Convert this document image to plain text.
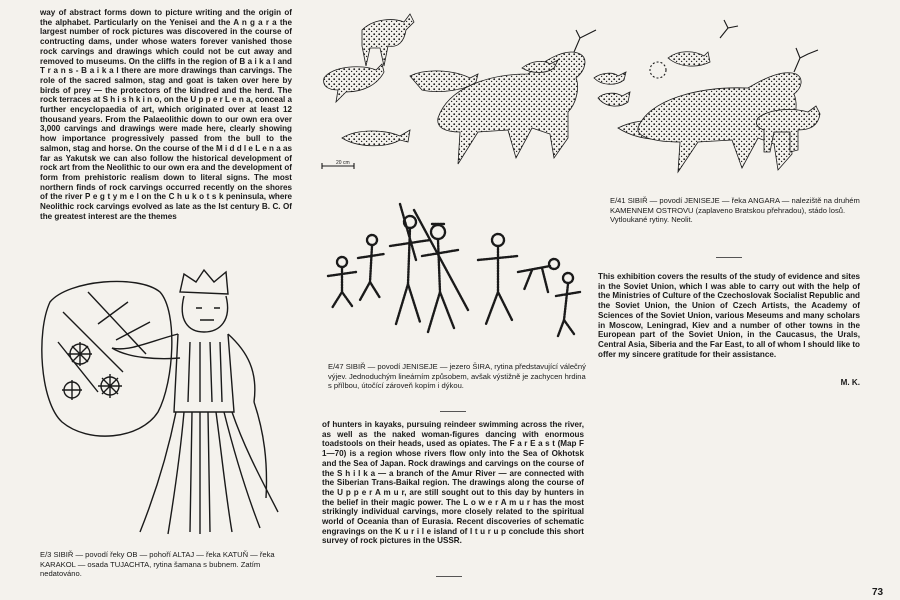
way of abstract forms down to picture writing and the origin of the alphabet. Particularly on the Yenisei and the A n g a r a the largest number of rock pictures was discovered in the course of contructing dams, under whose waters forever vanished those rock carvings and drawings which could not be cut away and removed to museums. On the cliffs in the region of B a i k a l and T r a n s - B a i k a l there are more drawings than carvings. The role of the sacred salmon, stag and goat is taken over here by birds of prey — the protectors of the kindred and the herd. The rock terraces at S h i s h k i n o, on the U p p e r L e n a, conceal a further encyclopaedia of art, which originated over at least 12 thousand years. From the Palaeolithic down to our own era over 3,000 carvings and drawings were made here, clearly showing how importance progressively passed from the bull to the salmon, stag and horse. On the course of the M i d d l e L e n a as far as Yakutsk we can also follow the historical development of rock art from the Neolithic to our own era and the development of form from prehistoric realism down to literal signs. The most northern finds of rock carvings occurred recently on the shores of the river P e g t y m e l on the C h u k o t s k peninsula, where Neolithic rock carvings evolved as late as the Ist century B. C. Of the greatest interest are the themes
E/3 SIBIŘ — povodí řeky OB — pohoří ALTAJ — řeka KATUŇ — řeka KARAKOL — osada TUJACHTA, rytina šamana s bubnem. Zatím nedatováno.
20 cm
E/41 SIBIŘ — povodí JENISEJE — řeka ANGARA — naleziště na druhém KAMENNEM OSTROVU (zaplaveno Bratskou přehradou), stádo losů. Vytloukané rytiny. Neolit.
This exhibition covers the results of the study of evidence and sites in the Soviet Union, which I was able to carry out with the help of the Ministries of Culture of the Czechoslovak Socialist Republic and the Soviet Union, the Union of Czech Artists, the Academy of Sciences of the Soviet Union, various Meseums and many scholars in Moscow, Leningrad, Kiev and a number of other towns in the European part of the Soviet Union, in the Caucasus, the Urals, Central Asia, Siberia and the Far East, to all of whom I should like to offer my sincere gratitude for their assistance.
M. K.
E/47 SIBIŘ — povodí JENISEJE — jezero ŠIRA, rytina představující válečný výjev. Jednoduchým lineárním způsobem, avšak výstižně je zachycen hrdina s přílbou, útočící zároveň kopím i dýkou.
of hunters in kayaks, pursuing reindeer swimming across the river, as well as the naked woman-figures dancing with enormous toadstools on their heads, used as opiates. The F a r E a s t (Map F 1—70) is a region whose rivers flow only into the Sea of Okhotsk and the Sea of Japan. Rock drawings and carvings on the course of the S h i l k a — a branch of the Amur River — are connected with the Siberian Trans-Baikal region. The drawings along the course of the U p p e r A m u r, are still sought out to this day by hunters in the belief in their magic power. The L o w e r A m u r has the most strikingly individual carvings, more closely related to the spiritual world of Oceania than of Eurasia. Recent discoveries of schematic engravings on the K u r i l e island of I t u r u p conclude this short survey of rock pictures in the USSR.
73
